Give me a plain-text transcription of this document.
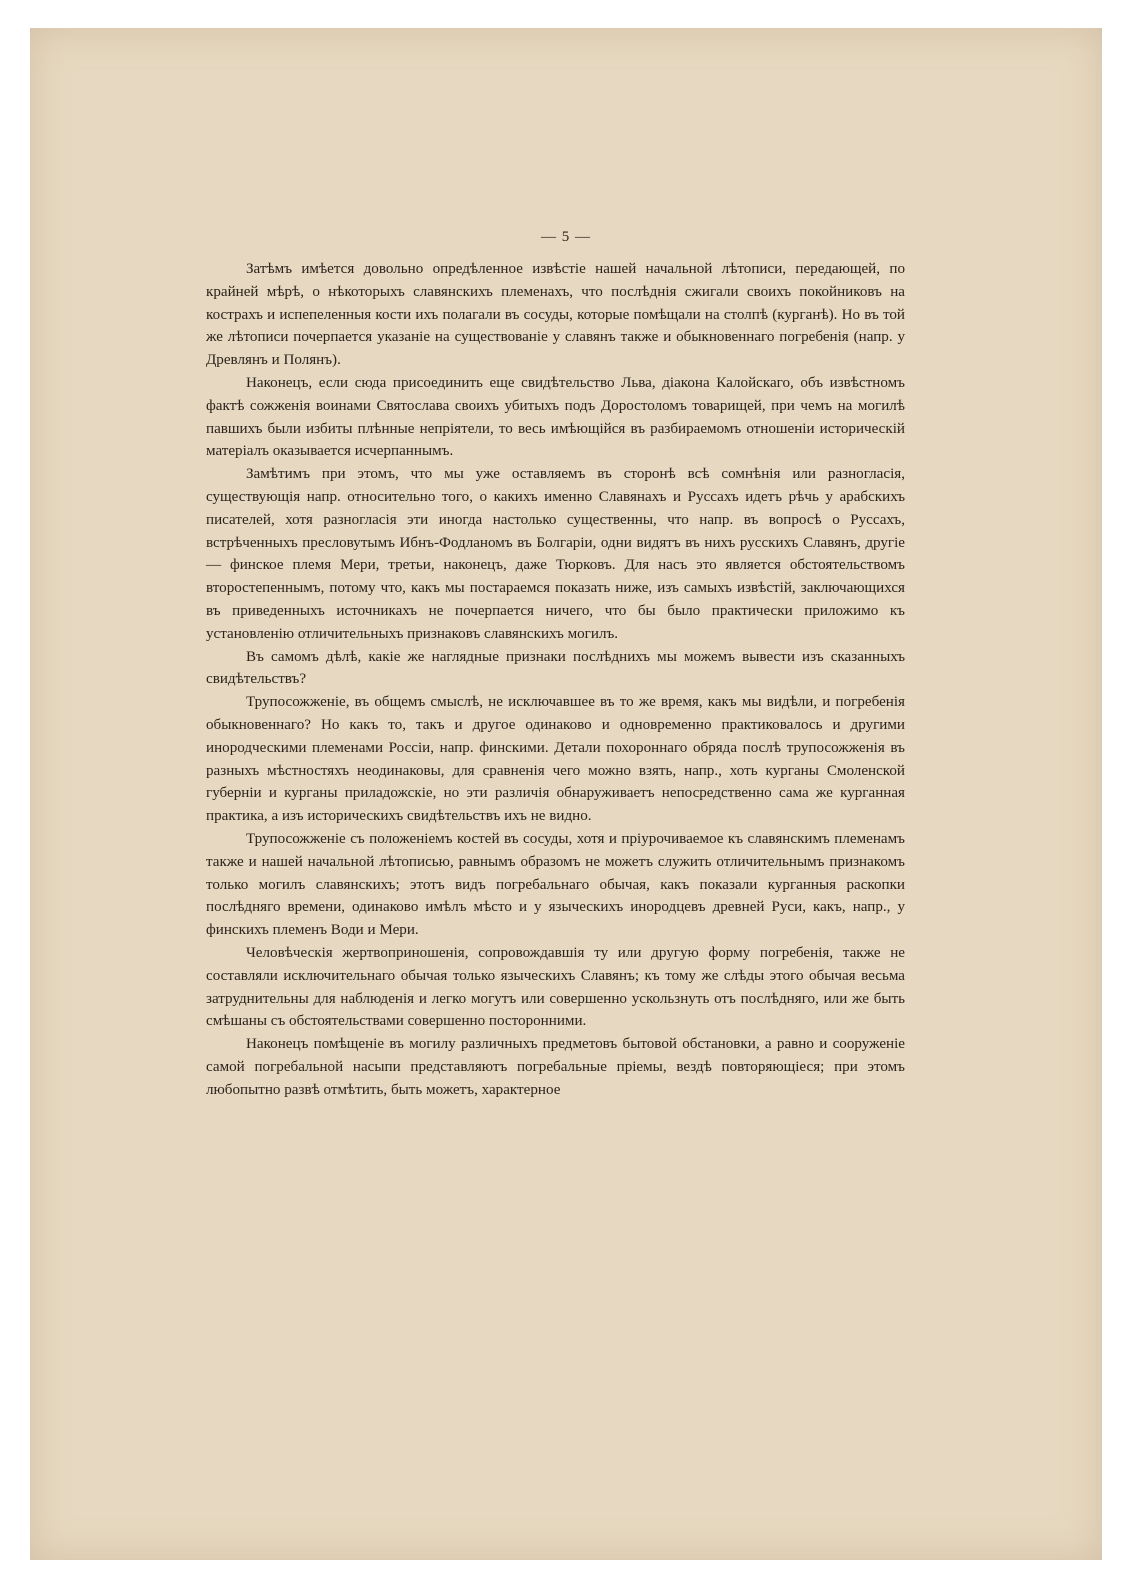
— 5 —

Затѣмъ имѣется довольно опредѣленное извѣстіе нашей начальной лѣтописи, передающей, по крайней мѣрѣ, о нѣкоторыхъ славянскихъ племенахъ, что послѣднія сжигали своихъ покойниковъ на кострахъ и испепеленныя кости ихъ полагали въ сосуды, которые помѣщали на столпѣ (курганѣ). Но въ той же лѣтописи почерпается указаніе на существованіе у славянъ также и обыкновеннаго погребенія (напр. у Древлянъ и Полянъ).

Наконецъ, если сюда присоединить еще свидѣтельство Льва, діакона Калойскаго, объ извѣстномъ фактѣ сожженія воинами Святослава своихъ убитыхъ подъ Доростоломъ товарищей, при чемъ на могилѣ павшихъ были избиты плѣнные непріятели, то весь имѣющійся въ разбираемомъ отношеніи историческій матеріалъ оказывается исчерпаннымъ.

Замѣтимъ при этомъ, что мы уже оставляемъ въ сторонѣ всѣ сомнѣнія или разногласія, существующія напр. относительно того, о какихъ именно Славянахъ и Руссахъ идетъ рѣчь у арабскихъ писателей, хотя разногласія эти иногда настолько существенны, что напр. въ вопросѣ о Руссахъ, встрѣченныхъ пресловутымъ Ибнъ-Фодланомъ въ Болгаріи, одни видятъ въ нихъ русскихъ Славянъ, другіе — финское племя Мери, третьи, наконецъ, даже Тюрковъ. Для насъ это является обстоятельствомъ второстепеннымъ, потому что, какъ мы постараемся показать ниже, изъ самыхъ извѣстій, заключающихся въ приведенныхъ источникахъ не почерпается ничего, что бы было практически приложимо къ установленію отличительныхъ признаковъ славянскихъ могилъ.

Въ самомъ дѣлѣ, какіе же наглядные признаки послѣднихъ мы можемъ вывести изъ сказанныхъ свидѣтельствъ?

Трупосожженіе, въ общемъ смыслѣ, не исключавшее въ то же время, какъ мы видѣли, и погребенія обыкновеннаго? Но какъ то, такъ и другое одинаково и одновременно практиковалось и другими инородческими племенами Россіи, напр. финскими. Детали похороннаго обряда послѣ трупосожженія въ разныхъ мѣстностяхъ неодинаковы, для сравненія чего можно взять, напр., хоть курганы Смоленской губерніи и курганы приладожскіе, но эти различія обнаруживаетъ непосредственно сама же курганная практика, а изъ историческихъ свидѣтельствъ ихъ не видно.

Трупосожженіе съ положеніемъ костей въ сосуды, хотя и пріурочиваемое къ славянскимъ племенамъ также и нашей начальной лѣтописью, равнымъ образомъ не можетъ служить отличительнымъ признакомъ только могилъ славянскихъ; этотъ видъ погребальнаго обычая, какъ показали курганныя раскопки послѣдняго времени, одинаково имѣлъ мѣсто и у языческихъ инородцевъ древней Руси, какъ, напр., у финскихъ племенъ Води и Мери.

Человѣческія жертвоприношенія, сопровождавшія ту или другую форму погребенія, также не составляли исключительнаго обычая только языческихъ Славянъ; къ тому же слѣды этого обычая весьма затруднительны для наблюденія и легко могутъ или совершенно ускользнуть отъ послѣдняго, или же быть смѣшаны съ обстоятельствами совершенно посторонними.

Наконецъ помѣщеніе въ могилу различныхъ предметовъ бытовой обстановки, а равно и сооруженіе самой погребальной насыпи представляютъ погребальные пріемы, вездѣ повторяющіеся; при этомъ любопытно развѣ отмѣтить, быть можетъ, характерное
